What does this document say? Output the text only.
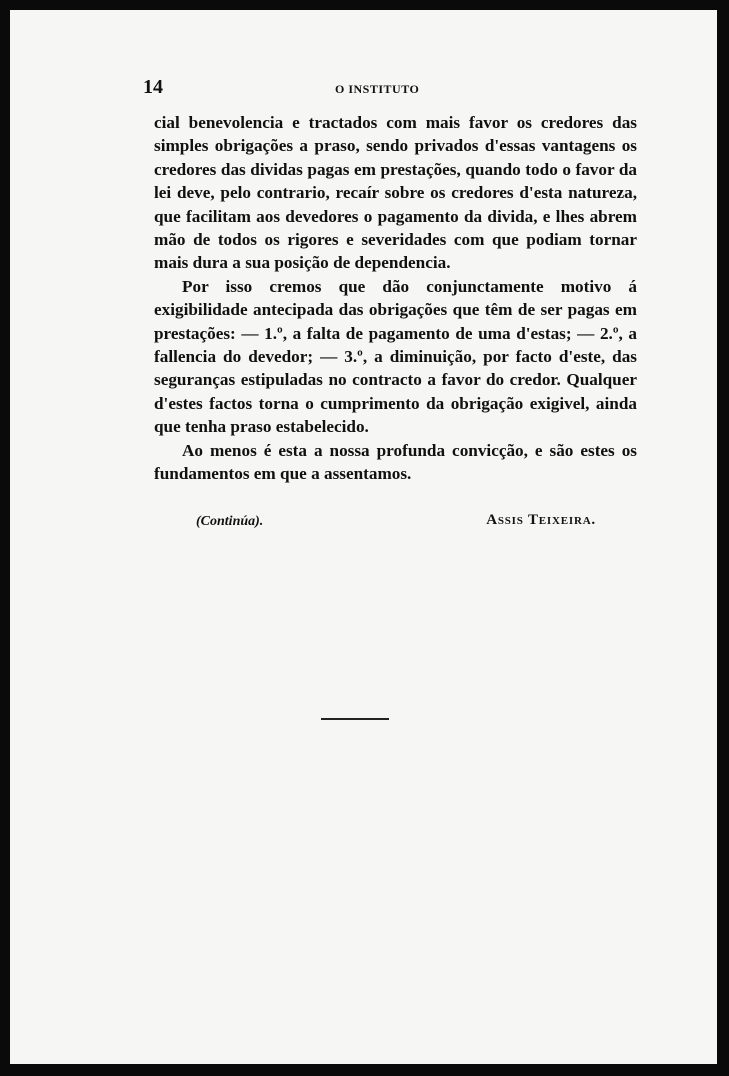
14	O INSTITUTO

cial benevolencia e tractados com mais favor os credores das simples obrigações a praso, sendo privados d'essas vantagens os credores das dividas pagas em prestações, quando todo o favor da lei deve, pelo contrario, recaír sobre os credores d'esta natureza, que facilitam aos devedores o pagamento da divida, e lhes abrem mão de todos os rigores e severidades com que podiam tornar mais dura a sua posição de dependencia.

Por isso cremos que dão conjunctamente motivo á exigibilidade antecipada das obrigações que têm de ser pagas em prestações: — 1.º, a falta de pagamento de uma d'estas; — 2.º, a fallencia do devedor; — 3.º, a diminuição, por facto d'este, das seguranças estipuladas no contracto a favor do credor. Qualquer d'estes factos torna o cumprimento da obrigação exigivel, ainda que tenha praso estabelecido.

Ao menos é esta a nossa profunda convicção, e são estes os fundamentos em que a assentamos.

(Continúa).	Assis Teixeira.
